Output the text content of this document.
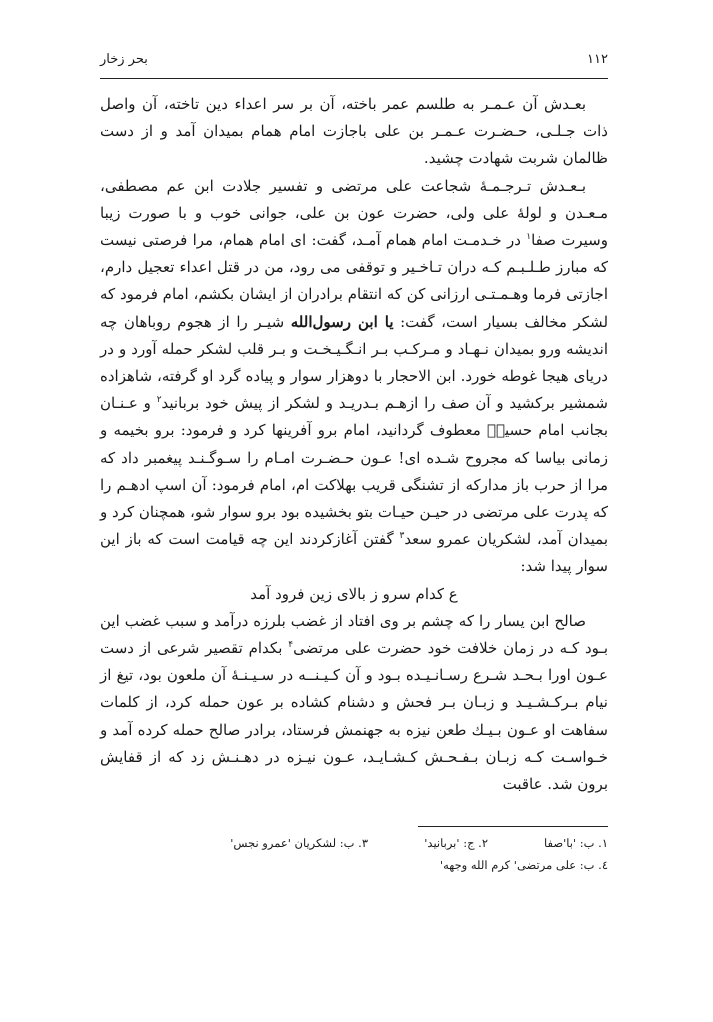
۱۱۲
بحر زخار

بعـدش آن عـمـر به طلسم عمر باخته، آن بر سر اعداء دین تاخته، آن واصل ذات جـلـی، حـضـرت عـمـر بن علی باجازت امام همام بمیدان آمد و از دست ظالمان شربت شهادت چشید.

بـعـدش تـرجـمـهٔ شجاعت علی مرتضی و تفسیر جلادت ابن عم مصطفی، مـعـدن و لولهٔ علی ولی، حضرت عون بن علی، جوانی خوب و با صورت زیبا وسیرت صفا$^۱$ در خـدمـت امام همام آمـد، گفت: ای امام همام، مرا فرصتی نیست که مبارز طـلـبـم کـه دران تـاخـیر و توقفی می رود، من در قتل اعداء تعجیل دارم، اجازتی فرما وهـمـتـی ارزانی کن که انتقام برادران از ایشان بکشم، امام فرمود که لشکر مخالف بسیار است، گفت: یا ابن رسول‌الله شیـر را از هجوم روباهان چه اندیشه ورو بمیدان نـهـاد و مـرکـب بـر انـگـیـخـت و بـر قلب لشکر حمله آورد و در دریای هیجا غوطه خورد. ابن الاحجار با دوهزار سوار و پیاده گرد او گرفته، شاهزاده شمشیر برکشید و آن صف را ازهـم بـدریـد و لشکر از پیش خود بربانید$^۲$ و عـنـان بجانب امام حسینؑ معطوف گردانید، امام برو آفرینها کرد و فرمود: برو بخیمه و زمانی بیاسا که مجروح شـده ای! عـون حـضـرت امـام را سـوگـنـد پیغمبر داد که مرا از حرب باز مدارکه از تشنگی قریب بهلاکت ام، امام فرمود: آن اسپ ادهـم را که پدرت علی مرتضی در حیـن حیـات بتو بخشیده بود برو سوار شو، همچنان کرد و بمیدان آمد، لشکریان عمرو سعد$^۳$ گفتن آغازکردند این چه قیامت است که باز این سوار پیدا شد:

ع کدام سرو ز بالای زین فرود آمد

صالح ابن یسار را که چشم بر وی افتاد از غضب بلرزه درآمد و سبب غضب این بـود کـه در زمان خلافت خود حضرت علی مرتضی$^۴$ بکدام تقصیر شرعی از دست عـون اورا بـحـد شـرع رسـانـیـده بـود و آن کـیـنــه در سـیـنـهٔ آن ملعون بود، تیغ از نیام بـرکـشـیـد و زبـان بـر فحش و دشنام کشاده بر عون حمله کرد، از کلمات سفاهت او عـون بـیـك طعن نیزه به جهنمش فرستاد، برادر صالح حمله کرده آمد و خـواسـت کـه زبـان بـفـحـش کـشـایـد، عـون نیـزه در دهـنـش زد که از قفایش برون شد. عاقبت

۱. ب: 'با'صفا
۲. ج: 'بربانید'
۳. ب: لشکریان 'عمرو نجس'
٤. ب: علی مرتضی' کرم الله وجهه'
